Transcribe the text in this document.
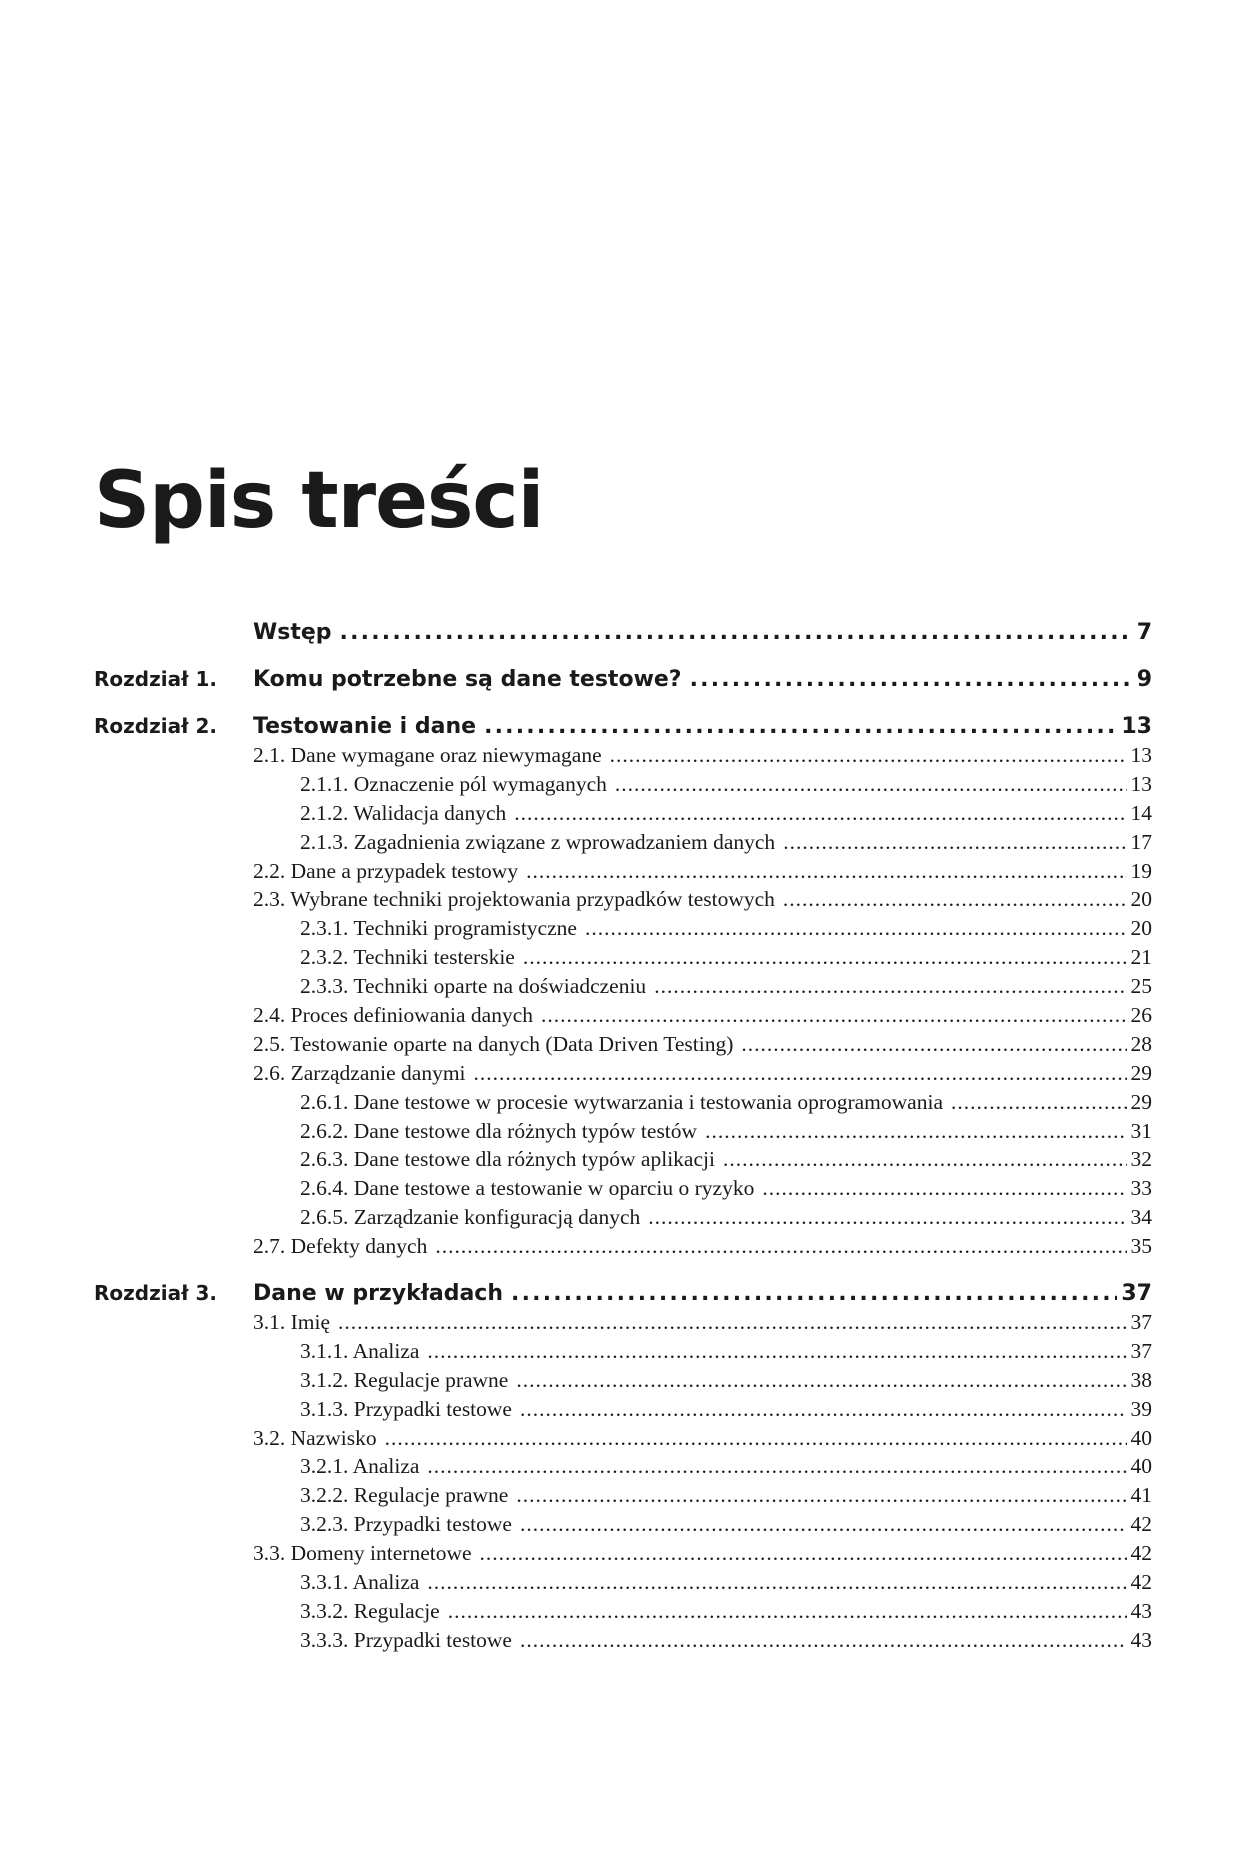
Spis treści
Wstęp .....	7
Rozdział 1. Komu potrzebne są dane testowe? .....	9
Rozdział 2. Testowanie i dane .....	13
2.1. Dane wymagane oraz niewymagane .....	13
2.1.1. Oznaczenie pól wymaganych .....	13
2.1.2. Walidacja danych .....	14
2.1.3. Zagadnienia związane z wprowadzaniem danych .....	17
2.2. Dane a przypadek testowy .....	19
2.3. Wybrane techniki projektowania przypadków testowych .....	20
2.3.1. Techniki programistyczne .....	20
2.3.2. Techniki testerskie .....	21
2.3.3. Techniki oparte na doświadczeniu .....	25
2.4. Proces definiowania danych .....	26
2.5. Testowanie oparte na danych (Data Driven Testing) .....	28
2.6. Zarządzanie danymi .....	29
2.6.1. Dane testowe w procesie wytwarzania i testowania oprogramowania .....	29
2.6.2. Dane testowe dla różnych typów testów .....	31
2.6.3. Dane testowe dla różnych typów aplikacji .....	32
2.6.4. Dane testowe a testowanie w oparciu o ryzyko .....	33
2.6.5. Zarządzanie konfiguracją danych .....	34
2.7. Defekty danych .....	35
Rozdział 3. Dane w przykładach .....	37
3.1. Imię .....	37
3.1.1. Analiza .....	37
3.1.2. Regulacje prawne .....	38
3.1.3. Przypadki testowe .....	39
3.2. Nazwisko .....	40
3.2.1. Analiza .....	40
3.2.2. Regulacje prawne .....	41
3.2.3. Przypadki testowe .....	42
3.3. Domeny internetowe .....	42
3.3.1. Analiza .....	42
3.3.2. Regulacje .....	43
3.3.3. Przypadki testowe .....	43
